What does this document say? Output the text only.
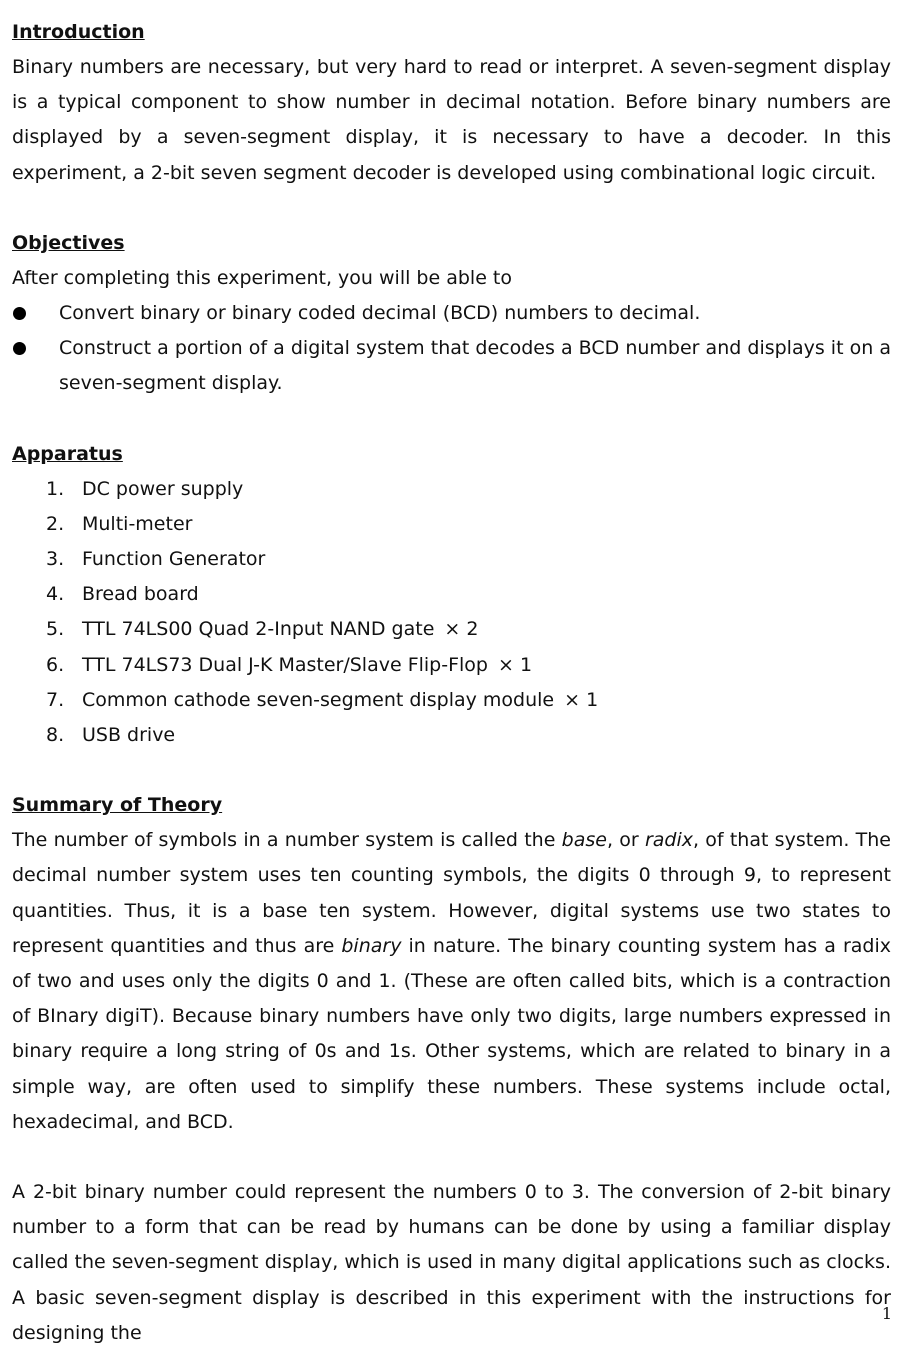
Introduction

Binary numbers are necessary, but very hard to read or interpret. A seven-segment display is a typical component to show number in decimal notation. Before binary numbers are displayed by a seven-segment display, it is necessary to have a decoder. In this experiment, a 2-bit seven segment decoder is developed using combinational logic circuit.

Objectives

After completing this experiment, you will be able to

Convert binary or binary coded decimal (BCD) numbers to decimal.
Construct a portion of a digital system that decodes a BCD number and displays it on a seven-segment display.
Apparatus
1. DC power supply
2. Multi-meter
3. Function Generator
4. Bread board
5. TTL 74LS00 Quad 2-Input NAND gate × 2
6. TTL 74LS73 Dual J-K Master/Slave Flip-Flop × 1
7. Common cathode seven-segment display module × 1
8. USB drive
Summary of Theory

The number of symbols in a number system is called the base, or radix, of that system. The decimal number system uses ten counting symbols, the digits 0 through 9, to represent quantities. Thus, it is a base ten system. However, digital systems use two states to represent quantities and thus are binary in nature. The binary counting system has a radix of two and uses only the digits 0 and 1. (These are often called bits, which is a contraction of BInary digiT). Because binary numbers have only two digits, large numbers expressed in binary require a long string of 0s and 1s. Other systems, which are related to binary in a simple way, are often used to simplify these numbers. These systems include octal, hexadecimal, and BCD.

A 2-bit binary number could represent the numbers 0 to 3. The conversion of 2-bit binary number to a form that can be read by humans can be done by using a familiar display called the seven-segment display, which is used in many digital applications such as clocks. A basic seven-segment display is described in this experiment with the instructions for designing the

1
